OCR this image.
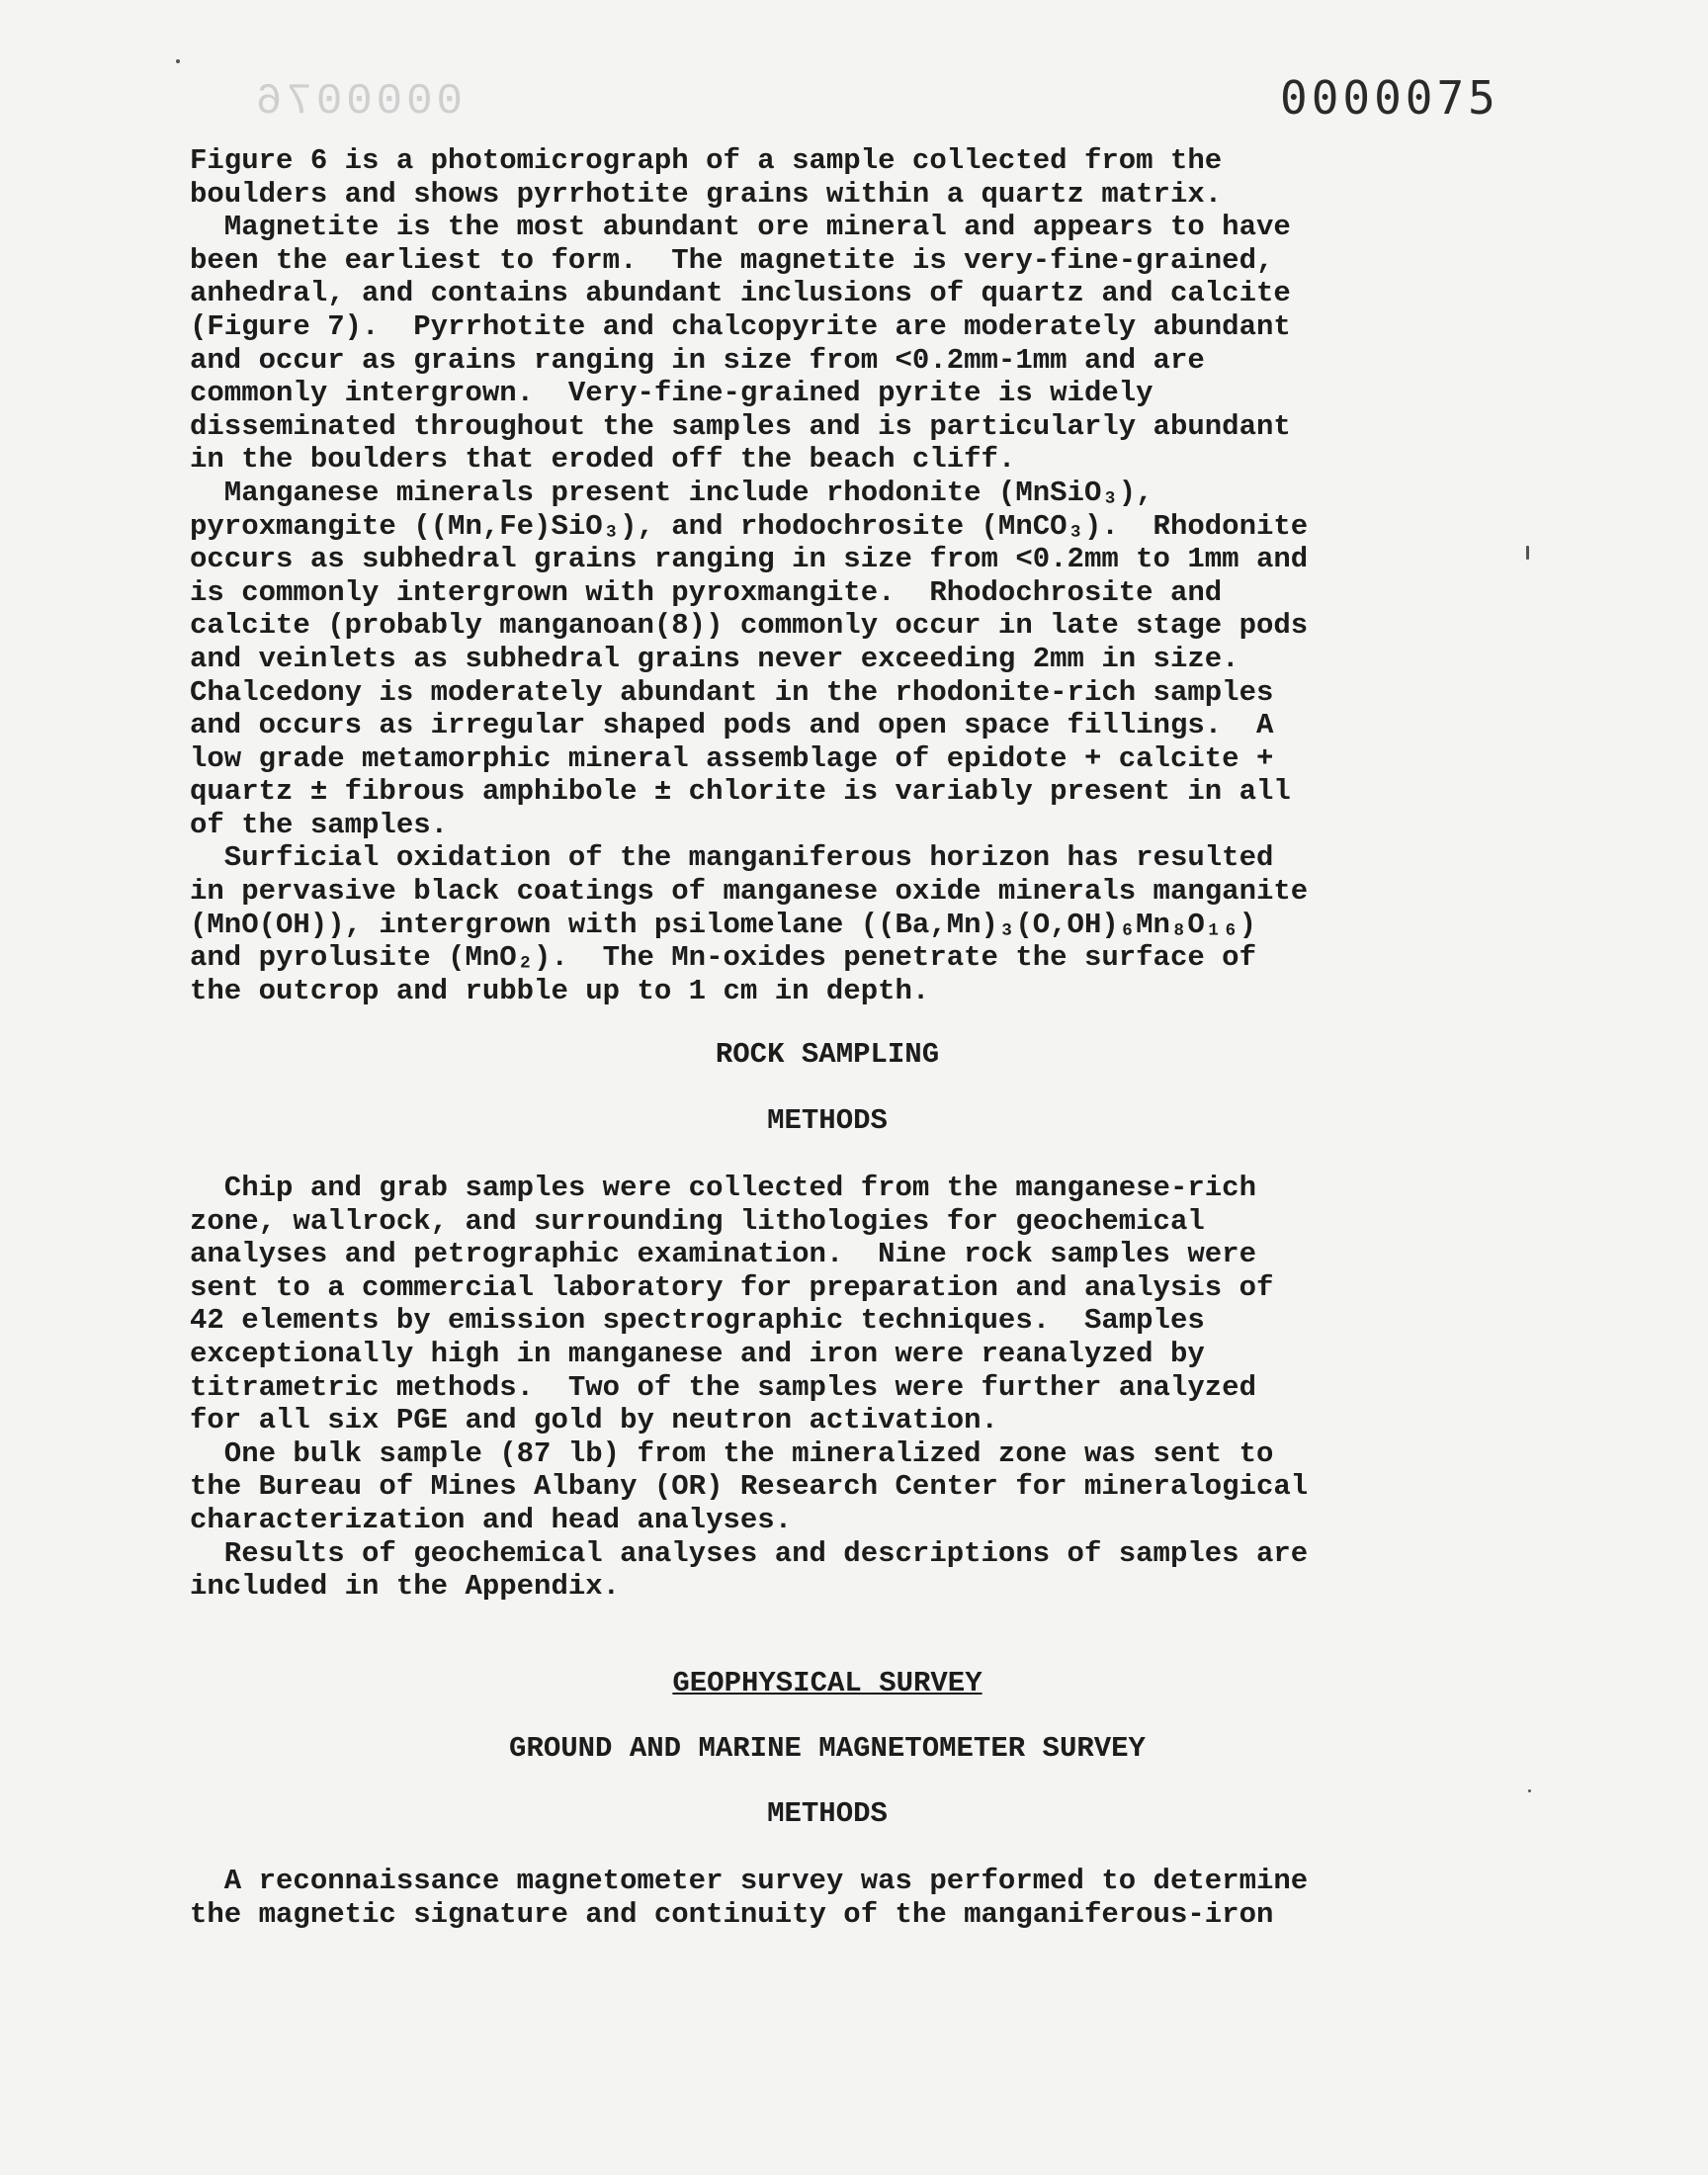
0000076	0000075
Figure 6 is a photomicrograph of a sample collected from the
boulders and shows pyrrhotite grains within a quartz matrix.
Magnetite is the most abundant ore mineral and appears to have
been the earliest to form.  The magnetite is very-fine-grained,
anhedral, and contains abundant inclusions of quartz and calcite
(Figure 7).  Pyrrhotite and chalcopyrite are moderately abundant
and occur as grains ranging in size from <0.2mm-1mm and are
commonly intergrown.  Very-fine-grained pyrite is widely
disseminated throughout the samples and is particularly abundant
in the boulders that eroded off the beach cliff.
Manganese minerals present include rhodonite (MnSiO₃),
pyroxmangite ((Mn,Fe)SiO₃), and rhodochrosite (MnCO₃).  Rhodonite
occurs as subhedral grains ranging in size from <0.2mm to 1mm and
is commonly intergrown with pyroxmangite.  Rhodochrosite and
calcite (probably manganoan(8)) commonly occur in late stage pods
and veinlets as subhedral grains never exceeding 2mm in size.
Chalcedony is moderately abundant in the rhodonite-rich samples
and occurs as irregular shaped pods and open space fillings.  A
low grade metamorphic mineral assemblage of epidote + calcite +
quartz ± fibrous amphibole ± chlorite is variably present in all
of the samples.
Surficial oxidation of the manganiferous horizon has resulted
in pervasive black coatings of manganese oxide minerals manganite
(MnO(OH)), intergrown with psilomelane ((Ba,Mn)₃(O,OH)₆Mn₈O₁₆)
and pyrolusite (MnO₂).  The Mn-oxides penetrate the surface of
the outcrop and rubble up to 1 cm in depth.
ROCK SAMPLING
METHODS
Chip and grab samples were collected from the manganese-rich
zone, wallrock, and surrounding lithologies for geochemical
analyses and petrographic examination.  Nine rock samples were
sent to a commercial laboratory for preparation and analysis of
42 elements by emission spectrographic techniques.  Samples
exceptionally high in manganese and iron were reanalyzed by
titrametric methods.  Two of the samples were further analyzed
for all six PGE and gold by neutron activation.
One bulk sample (87 lb) from the mineralized zone was sent to
the Bureau of Mines Albany (OR) Research Center for mineralogical
characterization and head analyses.
Results of geochemical analyses and descriptions of samples are
included in the Appendix.
GEOPHYSICAL SURVEY
GROUND AND MARINE MAGNETOMETER SURVEY
METHODS
A reconnaissance magnetometer survey was performed to determine
the magnetic signature and continuity of the manganiferous-iron
